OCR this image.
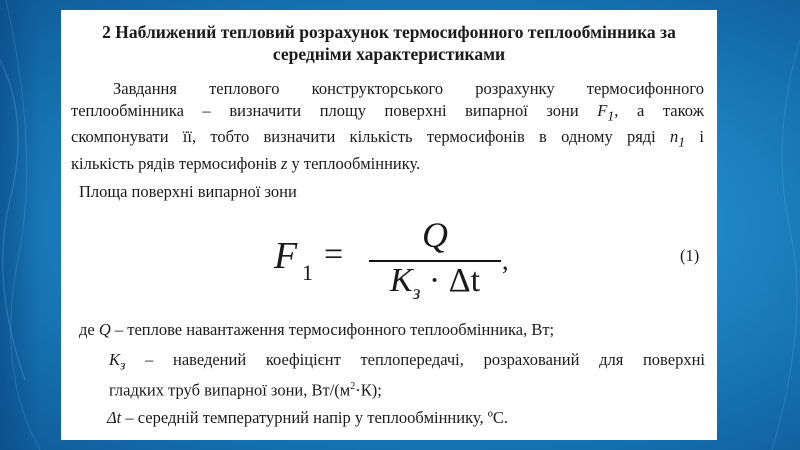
2 Наближений тепловий розрахунок термосифонного теплообмінника за
середніми характеристиками
Завдання теплового конструкторського розрахунку термосифонного
теплообмінника – визначити площу поверхні випарної зони $F_1$, а також
скомпонувати її, тобто визначити кількість термосифонів в одному ряді $n_1$ і
кількість рядів термосифонів z у теплообміннику.
Площа поверхні випарної зони
F 1 =	Q
$K_з \cdot \Delta t$
,	(1)
де Q – теплове навантаження термосифонного теплообмінника, Вт;
$K_з$ – наведений коефіцієнт теплопередачі, розрахований для поверхні
гладких труб випарної зони, $Вт/(м^2\cdot К)$;
Δt – середній температурний напір у теплообміннику, ºС.
